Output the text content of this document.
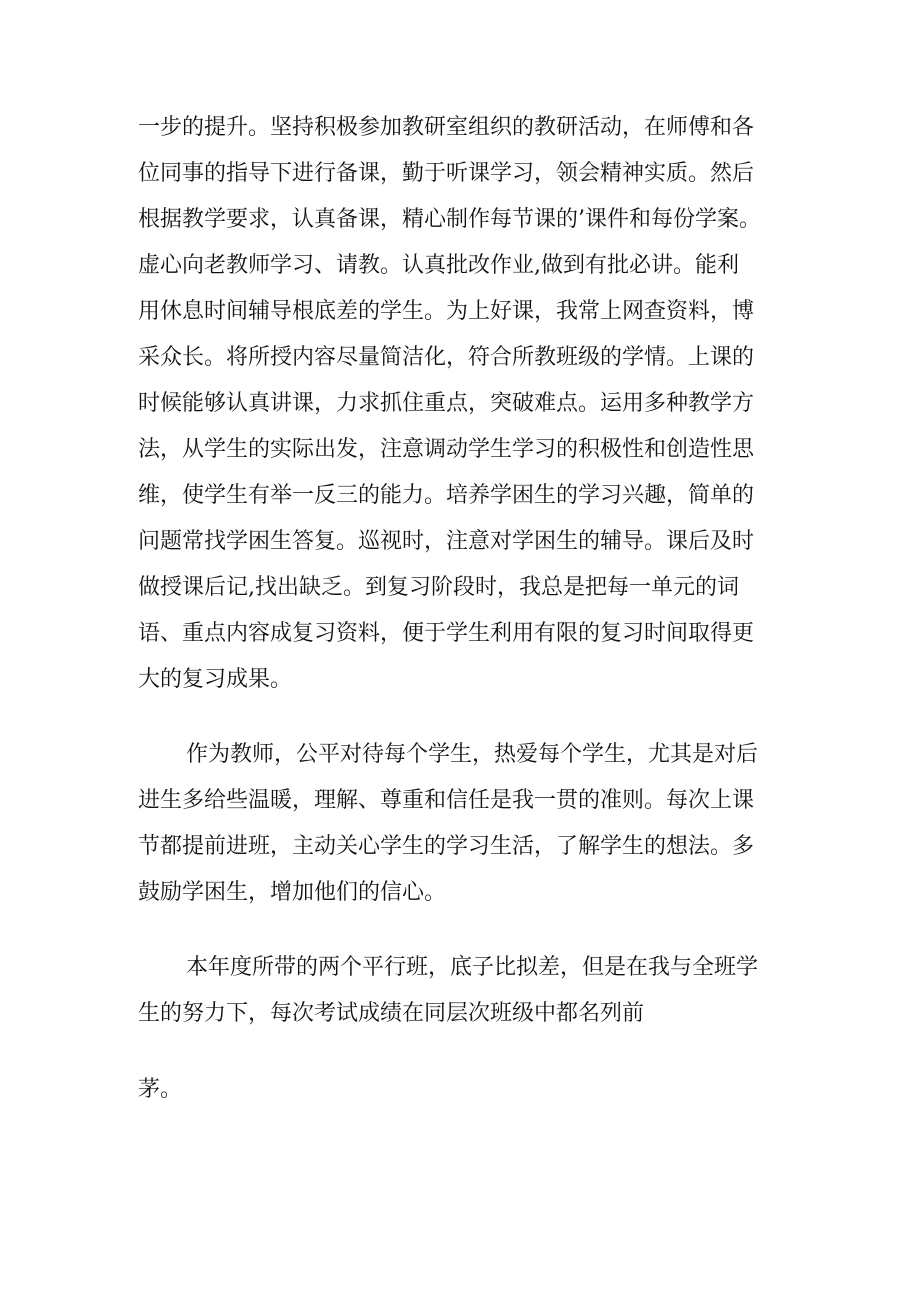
一步的提升。坚持积极参加教研室组织的教研活动，在师傅和各
位同事的指导下进行备课，勤于听课学习，领会精神实质。然后
根据教学要求，认真备课，精心制作每节课的’课件和每份学案。
虚心向老教师学习、请教。认真批改作业,做到有批必讲。能利
用休息时间辅导根底差的学生。为上好课，我常上网查资料，博
采众长。将所授内容尽量简洁化，符合所教班级的学情。上课的
时候能够认真讲课，力求抓住重点，突破难点。运用多种教学方
法，从学生的实际出发，注意调动学生学习的积极性和创造性思
维，使学生有举一反三的能力。培养学困生的学习兴趣，简单的
问题常找学困生答复。巡视时，注意对学困生的辅导。课后及时
做授课后记,找出缺乏。到复习阶段时，我总是把每一单元的词
语、重点内容成复习资料，便于学生利用有限的复习时间取得更
大的复习成果。
作为教师，公平对待每个学生，热爱每个学生，尤其是对后
进生多给些温暖，理解、尊重和信任是我一贯的准则。每次上课
节都提前进班，主动关心学生的学习生活，了解学生的想法。多
鼓励学困生，增加他们的信心。
本年度所带的两个平行班，底子比拟差，但是在我与全班学
生的努力下，每次考试成绩在同层次班级中都名列前
茅。
